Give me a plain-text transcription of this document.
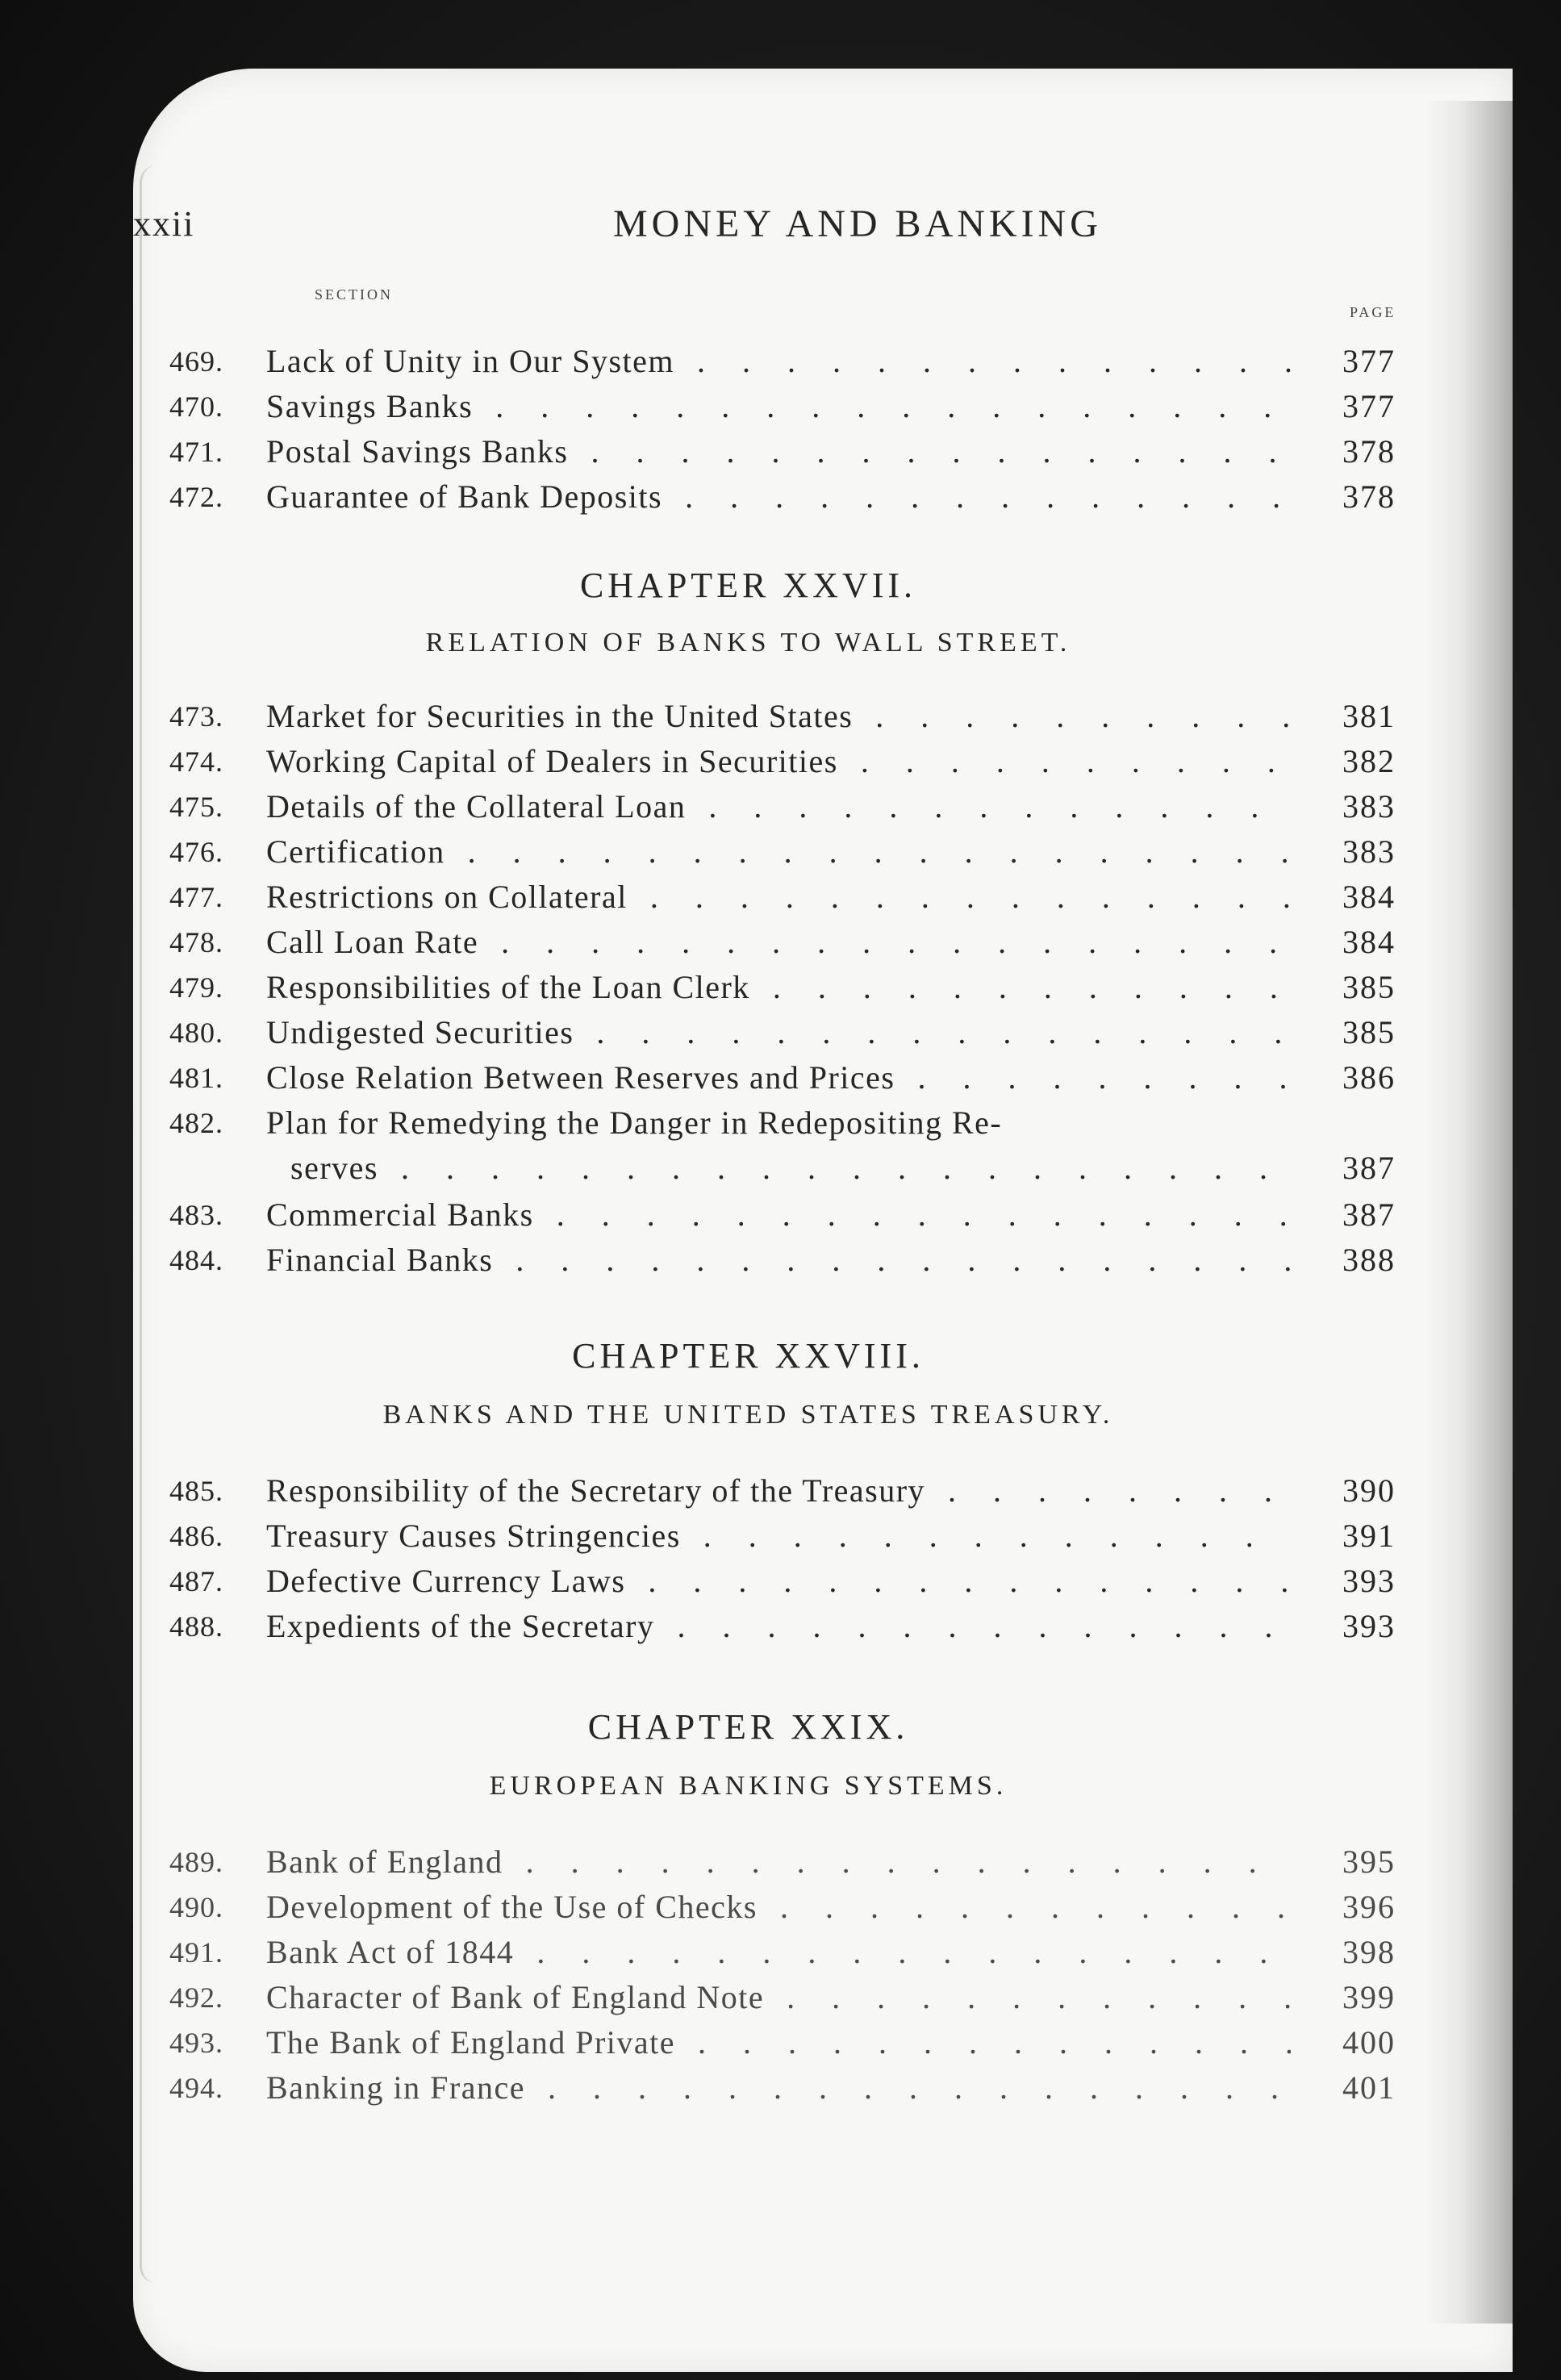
xxii	MONEY AND BANKING
SECTION
PAGE
469.	Lack of Unity in Our System . . .	377
470.	Savings Banks . . .	377
471.	Postal Savings Banks . . .	378
472.	Guarantee of Bank Deposits . . .	378
CHAPTER XXVII.
RELATION OF BANKS TO WALL STREET.
473.	Market for Securities in the United States . . .	381
474.	Working Capital of Dealers in Securities . . .	382
475.	Details of the Collateral Loan . . .	383
476.	Certification . . .	383
477.	Restrictions on Collateral . . .	384
478.	Call Loan Rate . . .	384
479.	Responsibilities of the Loan Clerk . . .	385
480.	Undigested Securities . . .	385
481.	Close Relation Between Reserves and Prices . . .	386
482.	Plan for Remedying the Danger in Redepositing Re-
serves . . .	387
483.	Commercial Banks . . .	387
484.	Financial Banks . . .	388
CHAPTER XXVIII.
BANKS AND THE UNITED STATES TREASURY.
485.	Responsibility of the Secretary of the Treasury . . .	390
486.	Treasury Causes Stringencies . . .	391
487.	Defective Currency Laws . . .	393
488.	Expedients of the Secretary . . .	393
CHAPTER XXIX.
EUROPEAN BANKING SYSTEMS.
489.	Bank of England . . .	395
490.	Development of the Use of Checks . . .	396
491.	Bank Act of 1844 . . .	398
492.	Character of Bank of England Note . . .	399
493.	The Bank of England Private . . .	400
494.	Banking in France . . .	401
